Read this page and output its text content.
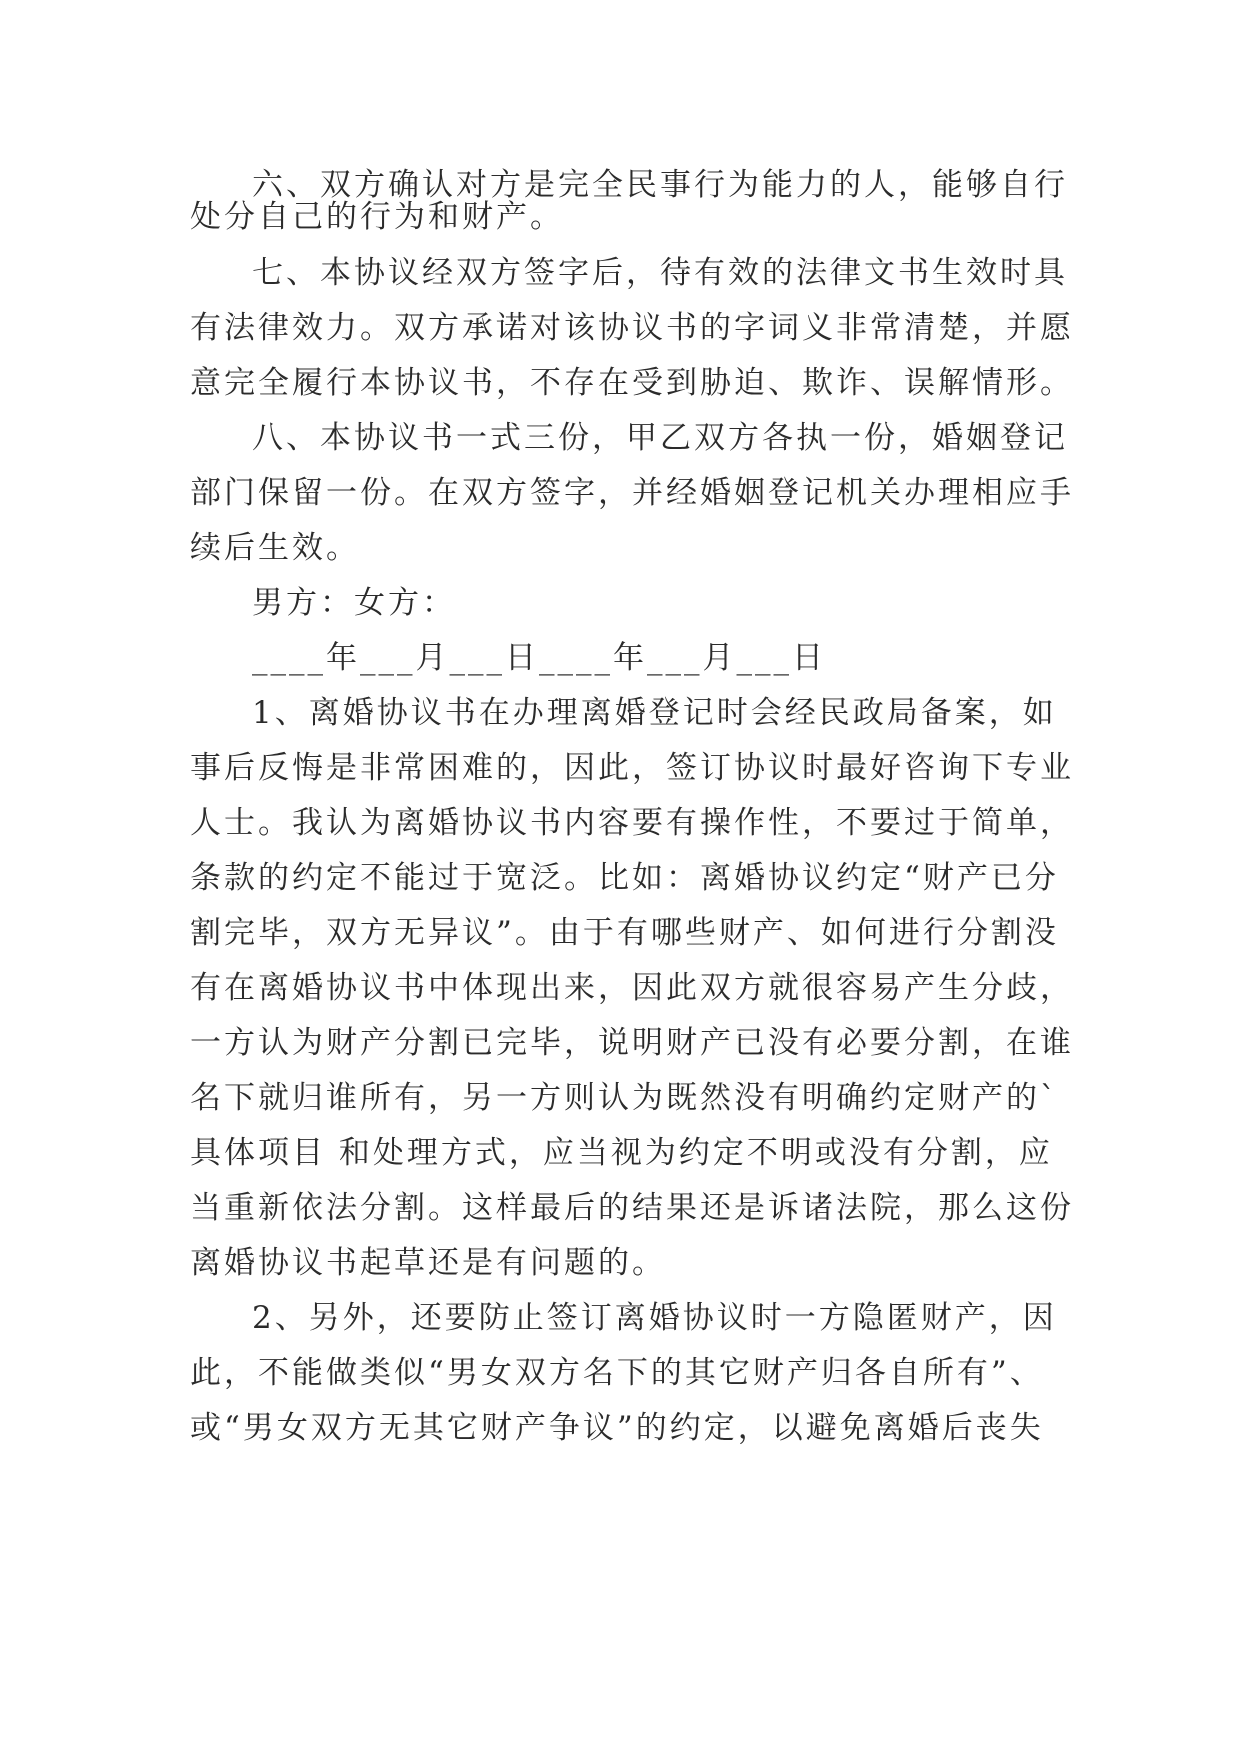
六、双方确认对方是完全民事行为能力的人，能够自行
处分自己的行为和财产。
七、本协议经双方签字后，待有效的法律文书生效时具
有法律效力。双方承诺对该协议书的字词义非常清楚，并愿
意完全履行本协议书，不存在受到胁迫、欺诈、误解情形。
八、本协议书一式三份，甲乙双方各执一份，婚姻登记
部门保留一份。在双方签字，并经婚姻登记机关办理相应手
续后生效。
男方：女方：
____年___月___日____年___月___日
1、离婚协议书在办理离婚登记时会经民政局备案，如
事后反悔是非常困难的，因此，签订协议时最好咨询下专业
人士。我认为离婚协议书内容要有操作性，不要过于简单，
条款的约定不能过于宽泛。比如：离婚协议约定“财产已分
割完毕，双方无异议”。由于有哪些财产、如何进行分割没
有在离婚协议书中体现出来，因此双方就很容易产生分歧，
一方认为财产分割已完毕，说明财产已没有必要分割，在谁
名下就归谁所有，另一方则认为既然没有明确约定财产的`
具体项目 和处理方式，应当视为约定不明或没有分割，应
当重新依法分割。这样最后的结果还是诉诸法院，那么这份
离婚协议书起草还是有问题的。
2、另外，还要防止签订离婚协议时一方隐匿财产，因
此，不能做类似“男女双方名下的其它财产归各自所有”、
或“男女双方无其它财产争议”的约定，以避免离婚后丧失
